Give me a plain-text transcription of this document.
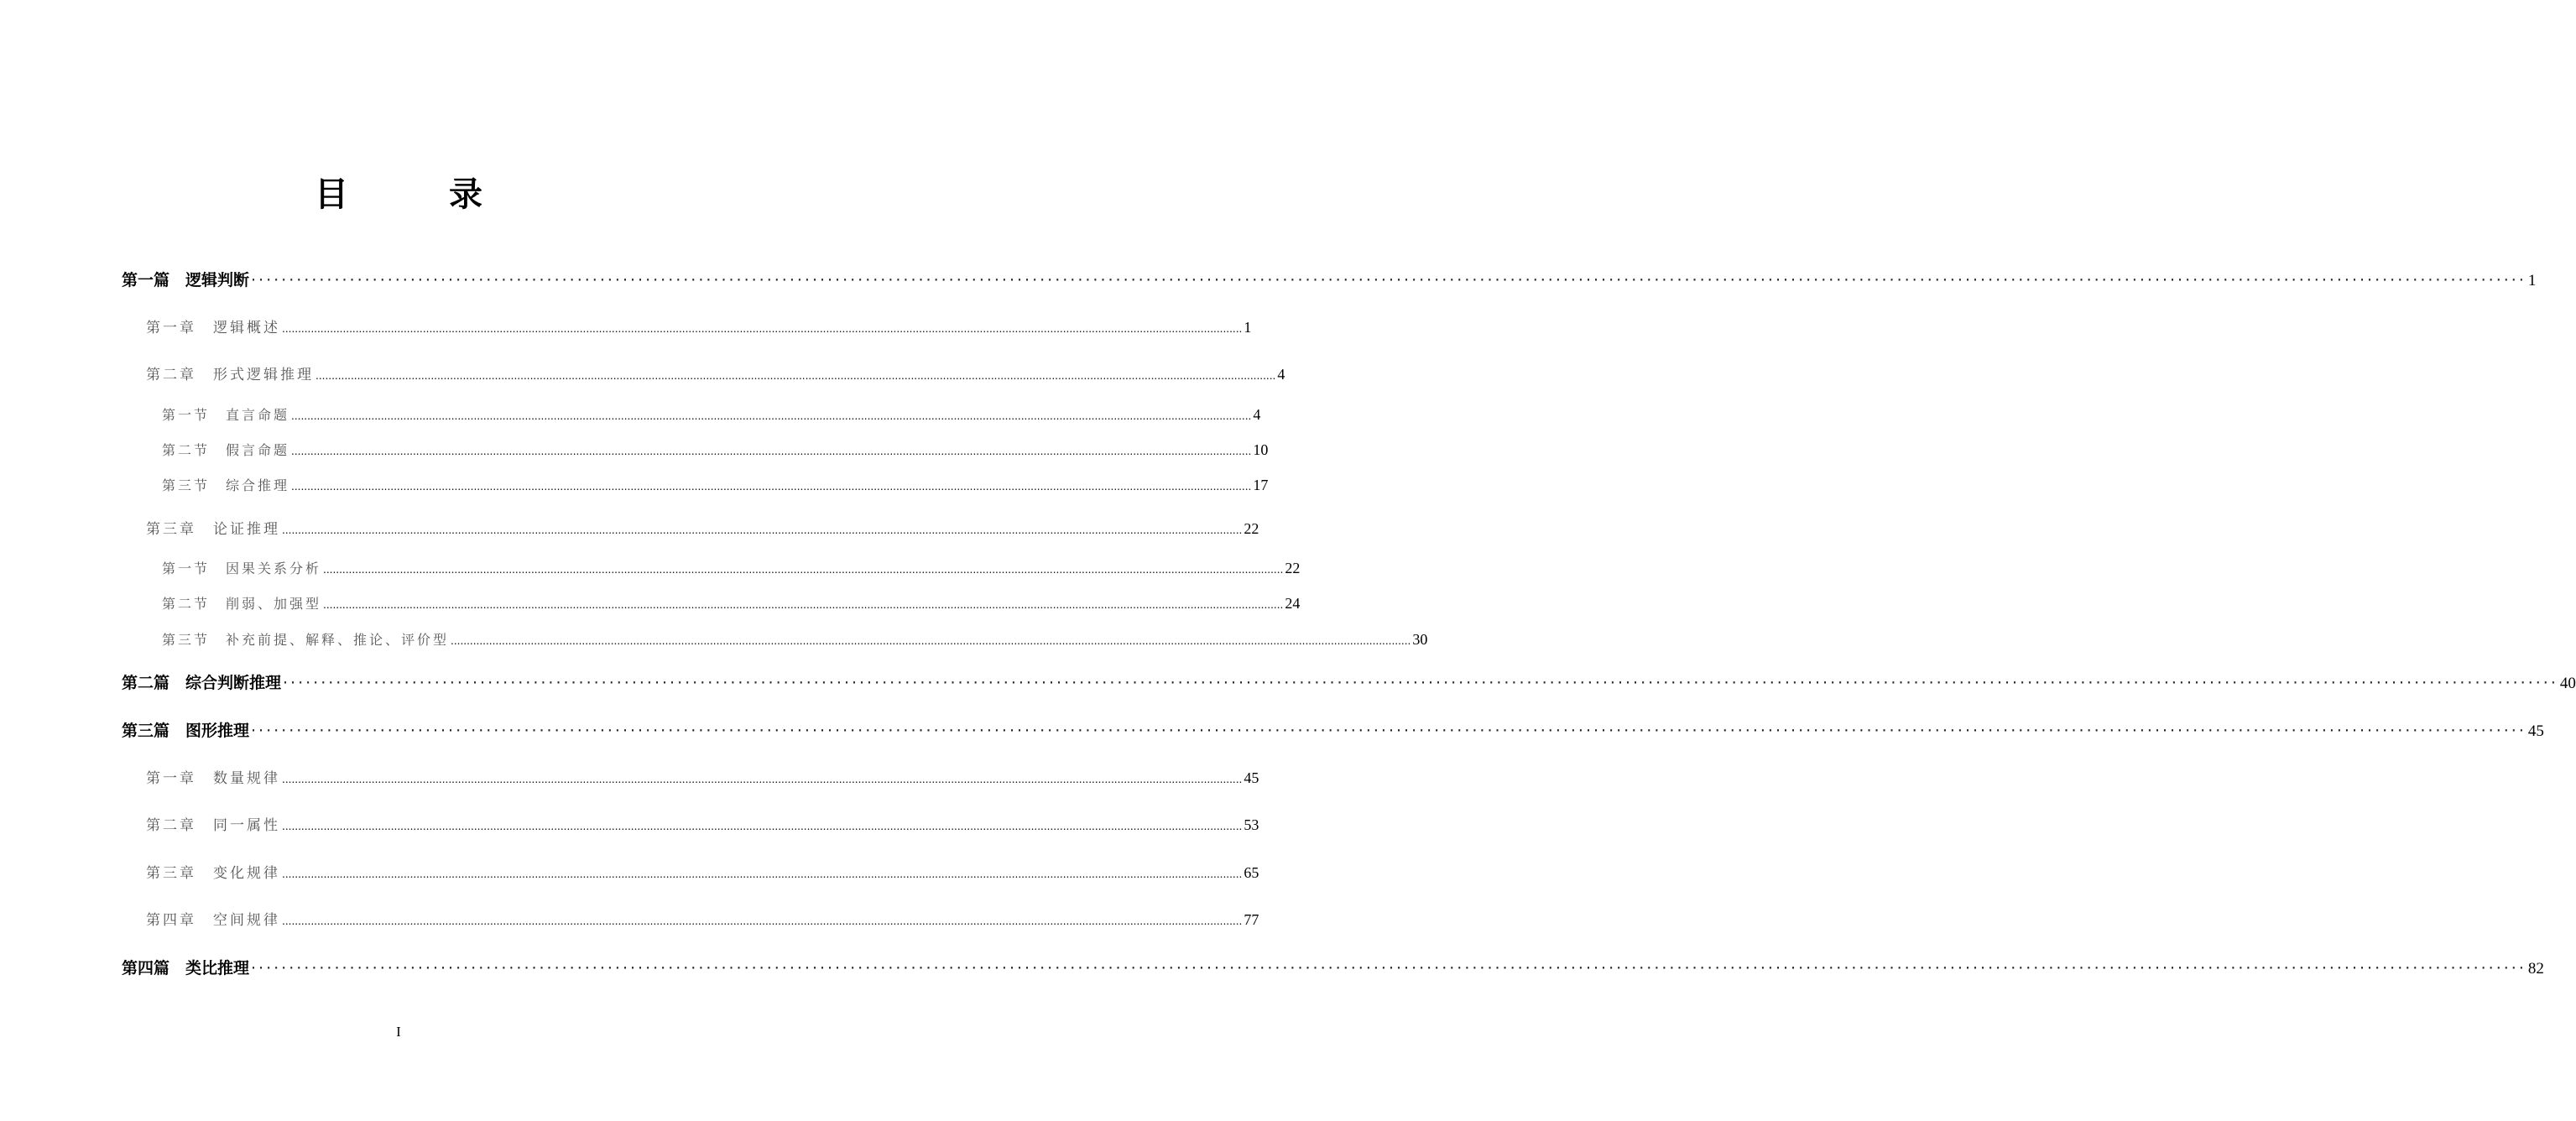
目　录
第一篇　逻辑判断 ············································································································································································································································································································ 1
第一章　逻辑概述 ............................................................................................................................................................................................................................................................................................................ 1
第二章　形式逻辑推理 ............................................................................................................................................................................................................................................................................................................ 4
第一节　直言命题 ............................................................................................................................................................................................................................................................................................................ 4
第二节　假言命题 ............................................................................................................................................................................................................................................................................................................ 10
第三节　综合推理 ............................................................................................................................................................................................................................................................................................................ 17
第三章　论证推理 ............................................................................................................................................................................................................................................................................................................ 22
第一节　因果关系分析 ............................................................................................................................................................................................................................................................................................................ 22
第二节　削弱、加强型 ............................................................................................................................................................................................................................................................................................................ 24
第三节　补充前提、解释、推论、评价型 ............................................................................................................................................................................................................................................................................................................ 30
第二篇　综合判断推理 ············································································································································································································································································································ 40
第三篇　图形推理 ············································································································································································································································································································ 45
第一章　数量规律 ............................................................................................................................................................................................................................................................................................................ 45
第二章　同一属性 ............................................................................................................................................................................................................................................................................................................ 53
第三章　变化规律 ............................................................................................................................................................................................................................................................................................................ 65
第四章　空间规律 ............................................................................................................................................................................................................................................................................................................ 77
第四篇　类比推理 ············································································································································································································································································································ 82
I
